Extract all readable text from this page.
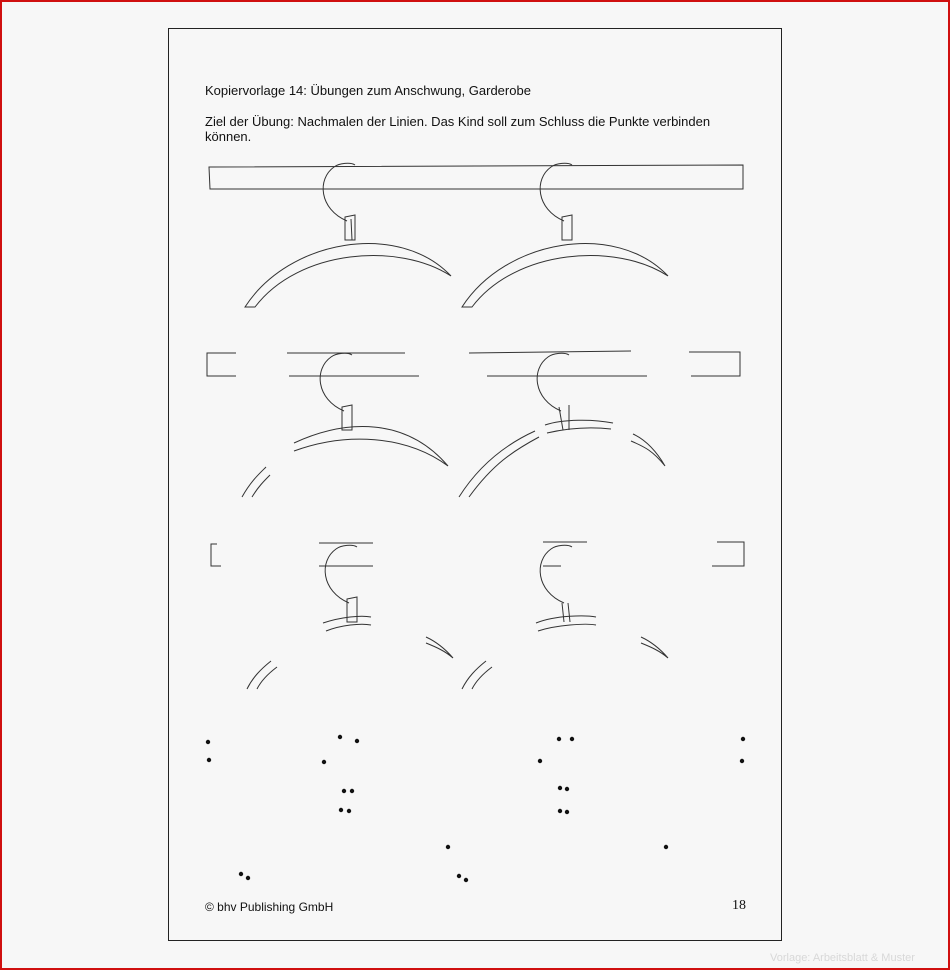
Kopiervorlage 14: Übungen zum Anschwung, Garderobe
Ziel der Übung: Nachmalen der Linien. Das Kind soll zum Schluss die Punkte verbinden können.
© bhv Publishing GmbH	18
Vorlage: Arbeitsblatt & Muster
